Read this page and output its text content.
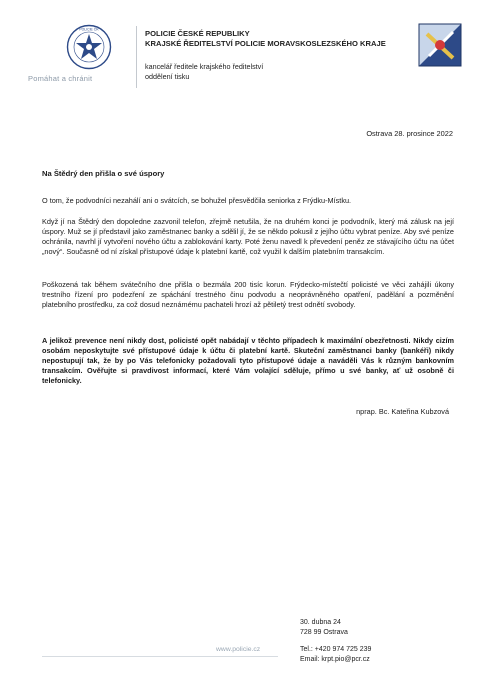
POLICIE ČR
Pomáhat a chránit
POLICIE ČESKÉ REPUBLIKY
KRAJSKÉ ŘEDITELSTVÍ POLICIE MORAVSKOSLEZSKÉHO KRAJE
kancelář ředitele krajského ředitelství
oddělení tisku
Ostrava 28. prosince 2022
Na Štědrý den přišla o své úspory

O tom, že podvodníci nezahálí ani o svátcích, se bohužel přesvědčila seniorka z Frýdku-Místku.

Když jí na Štědrý den dopoledne zazvonil telefon, zřejmě netušila, že na druhém konci je podvodník, který má zálusk na její úspory. Muž se jí představil jako zaměstnanec banky a sdělil jí, že se někdo pokusil z jejího účtu vybrat peníze. Aby své peníze ochránila, navrhl jí vytvoření nového účtu a zablokování karty. Poté ženu navedl k převedení peněz ze stávajícího účtu na účet „nový“. Současně od ní získal přístupové údaje k platební kartě, což využil k dalším platebním transakcím.

Poškozená tak během svátečního dne přišla o bezmála 200 tisíc korun. Frýdecko-místečtí policisté ve věci zahájili úkony trestního řízení pro podezření ze spáchání trestného činu podvodu a neoprávněného opatření, padělání a pozměnění platebního prostředku, za což dosud neznámému pachateli hrozí až pětiletý trest odnětí svobody.

A jelikož prevence není nikdy dost, policisté opět nabádají v těchto případech k maximální obezřetnosti. Nikdy cizím osobám neposkytujte své přístupové údaje k účtu či platební kartě. Skuteční zaměstnanci banky (bankéři) nikdy nepostupují tak, že by po Vás telefonicky požadovali tyto přístupové údaje a naváděli Vás k různým bankovním transakcím. Ověřujte si pravdivost informací, které Vám volající sděluje, přímo u své banky, ať už osobně či telefonicky.

nprap. Bc. Kateřina Kubzová
www.policie.cz
30. dubna 24
728 99 Ostrava
Tel.: +420 974 725 239
Email: krpt.pio@pcr.cz
